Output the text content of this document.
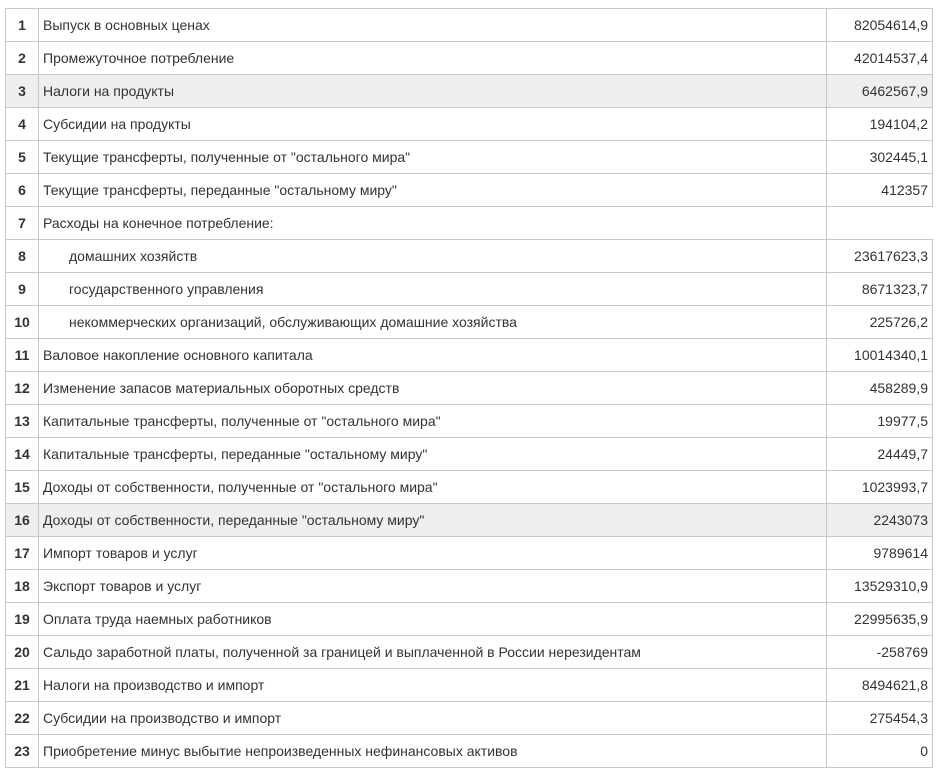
1	Выпуск в основных ценах	82054614,9
2	Промежуточное потребление	42014537,4
3	Налоги на продукты	6462567,9
4	Субсидии на продукты	194104,2
5	Текущие трансферты, полученные от "остального мира"	302445,1
6	Текущие трансферты, переданные "остальному миру"	412357
7	Расходы на конечное потребление:	
8	домашних хозяйств	23617623,3
9	государственного управления	8671323,7
10	некоммерческих организаций, обслуживающих домашние хозяйства	225726,2
11	Валовое накопление основного капитала	10014340,1
12	Изменение запасов материальных оборотных средств	458289,9
13	Капитальные трансферты, полученные от "остального мира"	19977,5
14	Капитальные трансферты, переданные "остальному миру"	24449,7
15	Доходы от собственности, полученные от "остального мира"	1023993,7
16	Доходы от собственности, переданные "остальному миру"	2243073
17	Импорт товаров и услуг	9789614
18	Экспорт товаров и услуг	13529310,9
19	Оплата труда наемных работников	22995635,9
20	Сальдо заработной платы, полученной за границей и выплаченной в России нерезидентам	-258769
21	Налоги на производство и импорт	8494621,8
22	Субсидии на производство и импорт	275454,3
23	Приобретение минус выбытие непроизведенных нефинансовых активов	0
